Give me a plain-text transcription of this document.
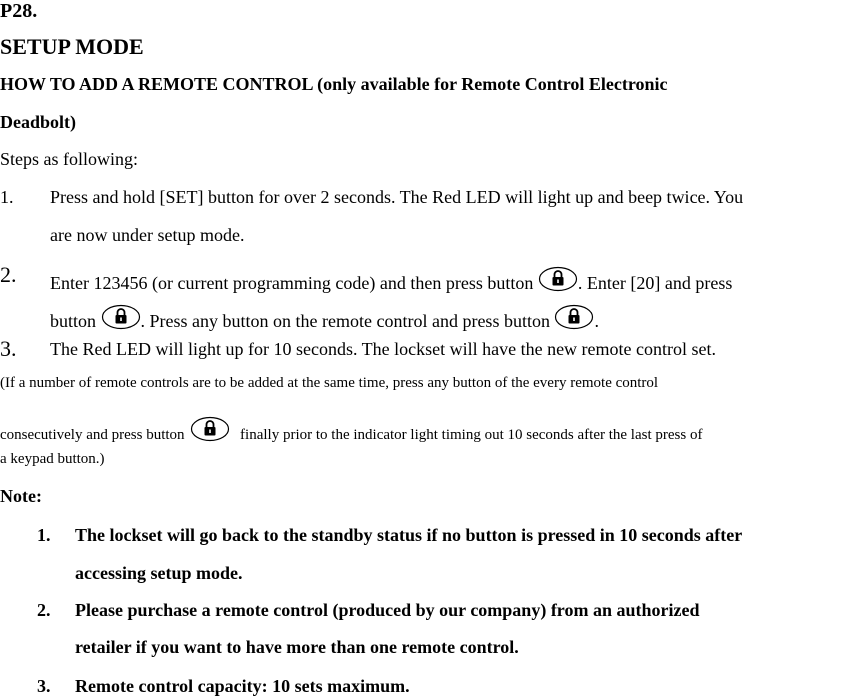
P28.
SETUP MODE
HOW TO ADD A REMOTE CONTROL (only available for Remote Control Electronic
Deadbolt)
Steps as following:
1. Press and hold [SET] button for over 2 seconds. The Red LED will light up and beep twice. You
are now under setup mode.
2. Enter 123456 (or current programming code) and then press button . Enter [20] and press
button . Press any button on the remote control and press button .
3. The Red LED will light up for 10 seconds. The lockset will have the new remote control set.
(If a number of remote controls are to be added at the same time, press any button of the every remote control
consecutively and press button	finally prior to the indicator light timing out 10 seconds after the last press of
a keypad button.)
Note:
1. The lockset will go back to the standby status if no button is pressed in 10 seconds after
accessing setup mode.
2. Please purchase a remote control (produced by our company) from an authorized
retailer if you want to have more than one remote control.
3. Remote control capacity: 10 sets maximum.
